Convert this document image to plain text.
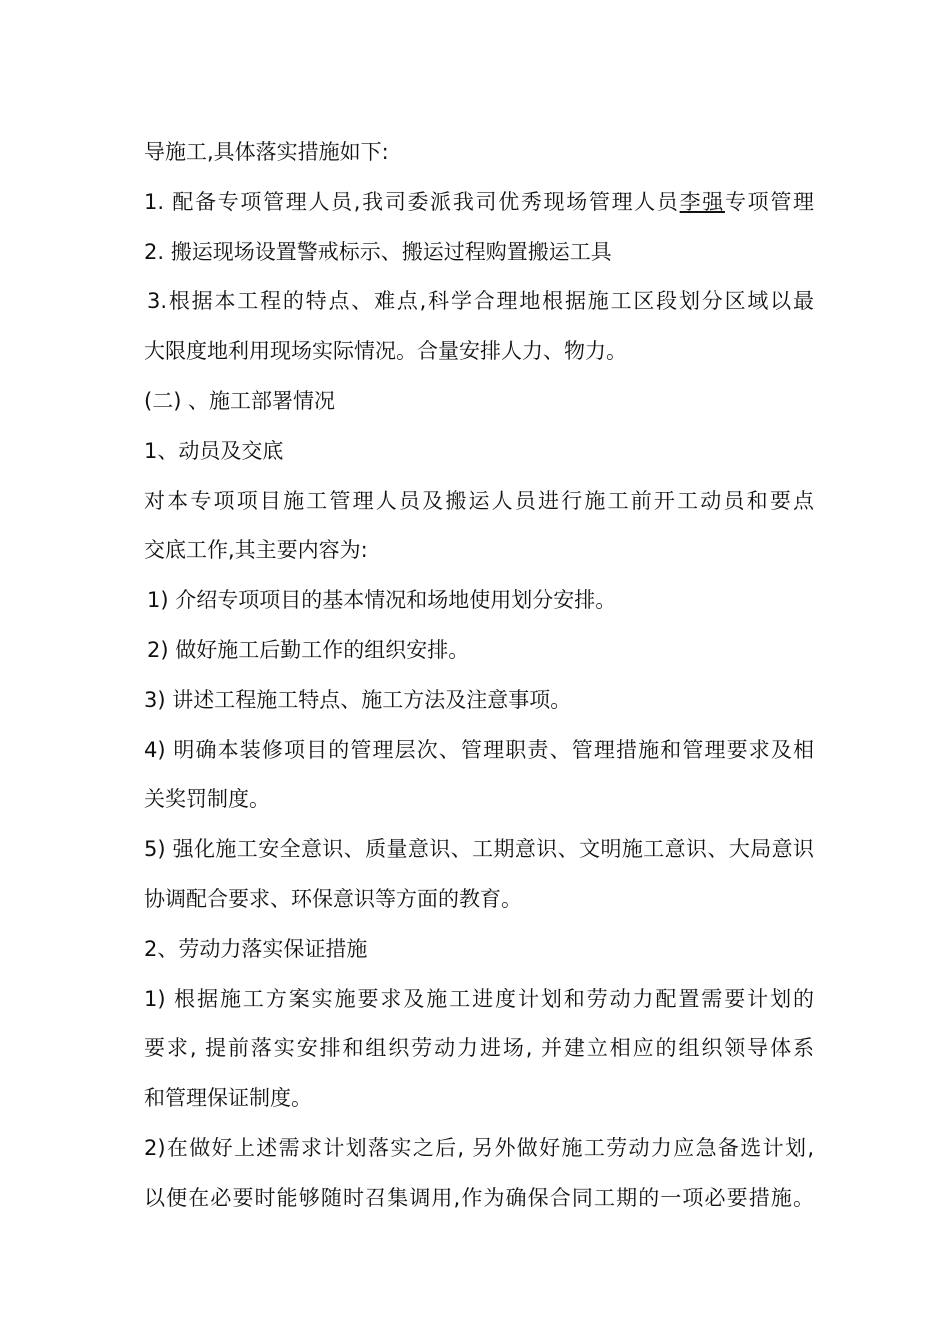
导施工,具体落实措施如下:
1. 配备专项管理人员,我司委派我司优秀现场管理人员李强专项管理
2. 搬运现场设置警戒标示、搬运过程购置搬运工具
3.根据本工程的特点、难点,科学合理地根据施工区段划分区域以最
大限度地利用现场实际情况。合量安排人力、物力。
(二) 、施工部署情况
1、动员及交底
对本专项项目施工管理人员及搬运人员进行施工前开工动员和要点
交底工作,其主要内容为:
1) 介绍专项项目的基本情况和场地使用划分安排。
2) 做好施工后勤工作的组织安排。
3) 讲述工程施工特点、施工方法及注意事项。
4) 明确本装修项目的管理层次、管理职责、管理措施和管理要求及相
关奖罚制度。
5) 强化施工安全意识、质量意识、工期意识、文明施工意识、大局意识
协调配合要求、环保意识等方面的教育。
2、劳动力落实保证措施
1) 根据施工方案实施要求及施工进度计划和劳动力配置需要计划的
要求, 提前落实安排和组织劳动力进场, 并建立相应的组织领导体系
和管理保证制度。
2)在做好上述需求计划落实之后, 另外做好施工劳动力应急备选计划,
以便在必要时能够随时召集调用,作为确保合同工期的一项必要措施。
